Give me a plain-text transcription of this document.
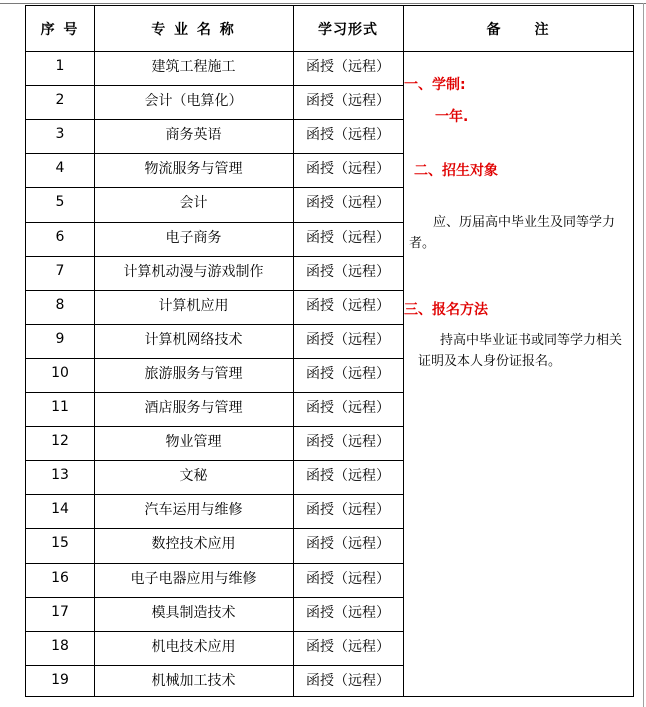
序 号	专 业 名 称	学习形式	备　　注
1	建筑工程施工	函授（远程）
2	会计（电算化）	函授（远程）
3	商务英语	函授（远程）
4	物流服务与管理	函授（远程）
5	会计	函授（远程）
6	电子商务	函授（远程）
7	计算机动漫与游戏制作	函授（远程）
8	计算机应用	函授（远程）
9	计算机网络技术	函授（远程）
10	旅游服务与管理	函授（远程）
11	酒店服务与管理	函授（远程）
12	物业管理	函授（远程）
13	文秘	函授（远程）
14	汽车运用与维修	函授（远程）
15	数控技术应用	函授（远程）
16	电子电器应用与维修	函授（远程）
17	模具制造技术	函授（远程）
18	机电技术应用	函授（远程）
19	机械加工技术	函授（远程）
一、学制:
一年.
二、招生对象
应、历届高中毕业生及同等学力者。
三、报名方法
持高中毕业证书或同等学力相关证明及本人身份证报名。
